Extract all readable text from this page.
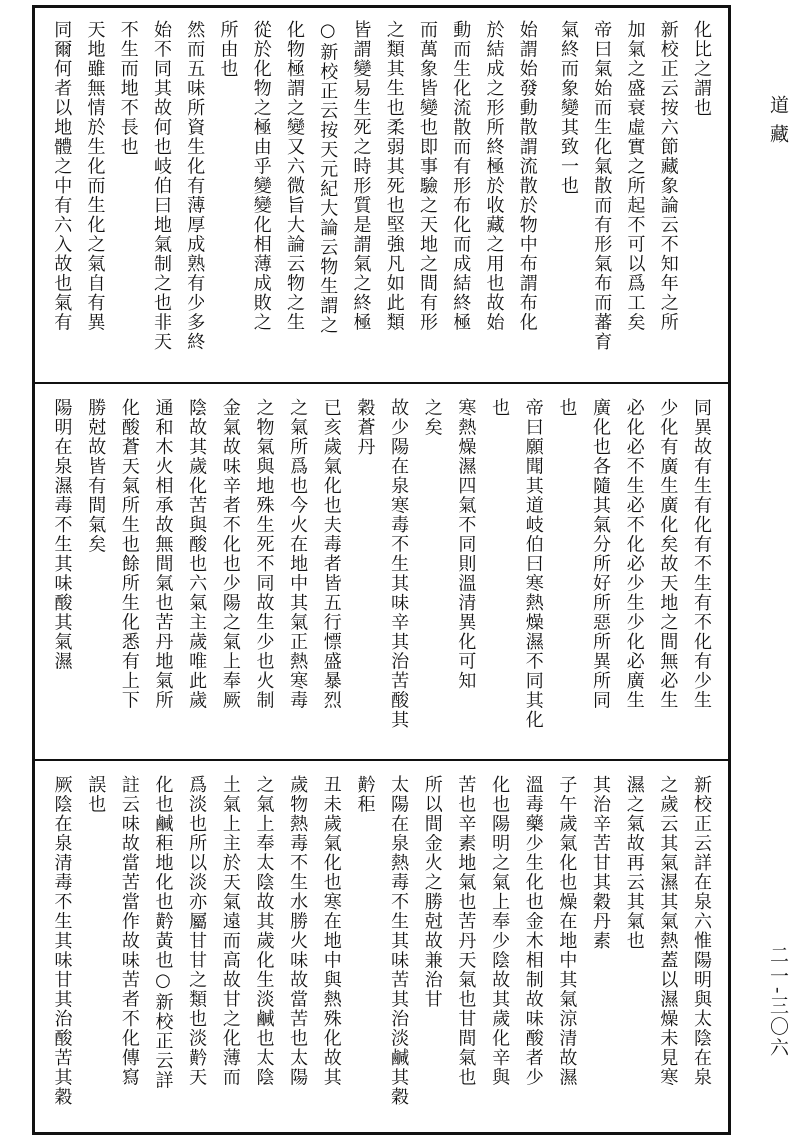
道藏
二一-三〇六
化比之謂也
新校正云按六節藏象論云不知年之所
加氣之盛衰虛實之所起不可以爲工矣
帝曰氣始而生化氣散而有形氣布而蕃育
氣終而象變其致一也
始謂始發動散謂流散於物中布謂布化
於結成之形所終極於收藏之用也故始
動而生化流散而有形布化而成結終極
而萬象皆變也即事驗之天地之間有形
之類其生也柔弱其死也堅強凡如此類
皆謂變易生死之時形質是謂氣之終極
○新校正云按天元紀大論云物生謂之
化物極謂之變又六微旨大論云物之生
從於化物之極由乎變變化相薄成敗之
所由也
然而五味所資生化有薄厚成熟有少多終
始不同其故何也岐伯曰地氣制之也非天
不生而地不長也
天地雖無情於生化而生化之氣自有異
同爾何者以地體之中有六入故也氣有
同異故有生有化有不生有不化有少生
少化有廣生廣化矣故天地之間無必生
必化必不生必不化必少生少化必廣生
廣化也各隨其氣分所好所惡所異所同
也
帝曰願聞其道岐伯曰寒熱燥濕不同其化
也
寒熱燥濕四氣不同則溫清異化可知
之矣
故少陽在泉寒毒不生其味辛其治苦酸其
穀蒼丹
已亥歲氣化也夫毒者皆五行慓盛暴烈
之氣所爲也今火在地中其氣正熱寒毒
之物氣與地殊生死不同故生少也火制
金氣故味辛者不化也少陽之氣上奉厥
陰故其歲化苦與酸也六氣主歲唯此歲
通和木火相承故無間氣也苦丹地氣所
化酸蒼天氣所生也餘所生化悉有上下
勝尅故皆有間氣矣
陽明在泉濕毒不生其味酸其氣濕
新校正云詳在泉六惟陽明與太陰在泉
之歲云其氣濕其氣熱蓋以濕燥未見寒
濕之氣故再云其氣也
其治辛苦甘其穀丹素
子午歲氣化也燥在地中其氣涼清故濕
溫毒藥少生化也金木相制故味酸者少
化也陽明之氣上奉少陰故其歲化辛與
苦也辛素地氣也苦丹天氣也甘間氣也
所以間金火之勝尅故兼治甘
太陽在泉熱毒不生其味苦其治淡鹹其穀
黅秬
丑未歲氣化也寒在地中與熱殊化故其
歲物熱毒不生水勝火味故當苦也太陽
之氣上奉太陰故其歲化生淡鹹也太陰
土氣上主於天氣遠而高故甘之化薄而
爲淡也所以淡亦屬甘甘之類也淡黅天
化也鹹秬地化也黅黃也○新校正云詳
註云味故當苦當作故味苦者不化傳寫
誤也
厥陰在泉清毒不生其味甘其治酸苦其穀
